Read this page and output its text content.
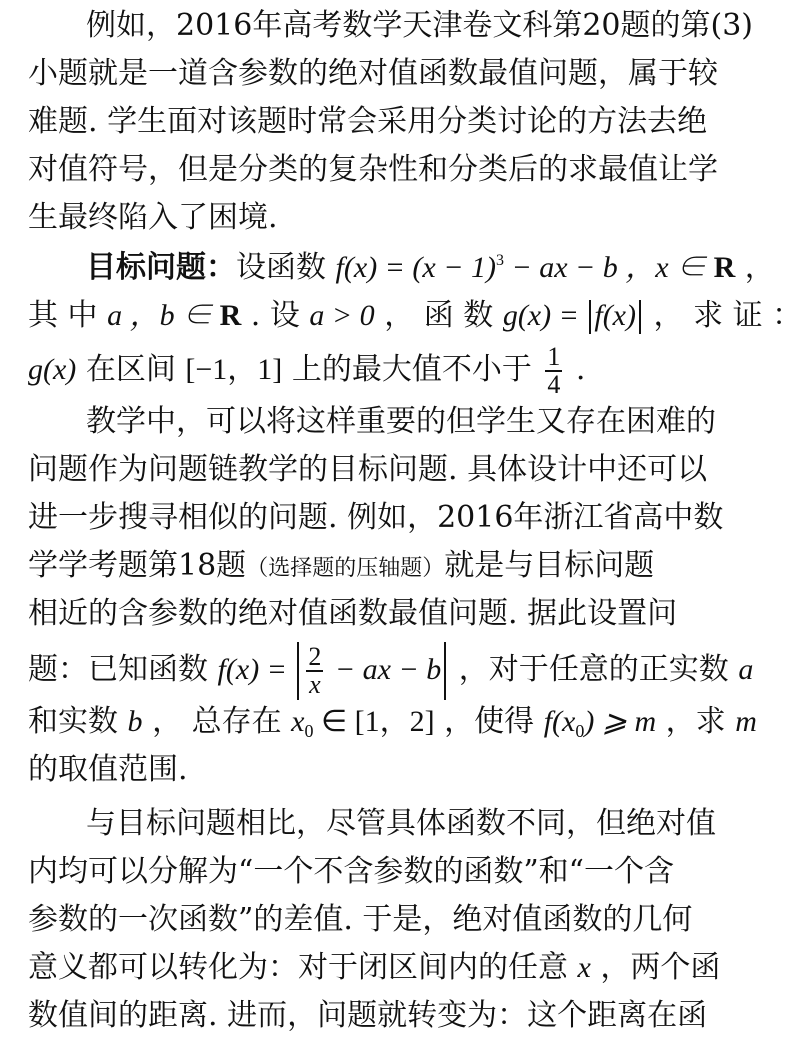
例如，2016年高考数学天津卷文科第20题的第(3)
小题就是一道含参数的绝对值函数最值问题，属于较
难题. 学生面对该题时常会采用分类讨论的方法去绝
对值符号，但是分类的复杂性和分类后的求最值让学
生最终陷入了困境.
目标问题：设函数 $f(x) = (x - 1)^3$ − ax − b ，x ∈ R ，
其 中 a ，b ∈ R . 设 a > 0 ， 函 数 g(x) = f(x) ， 求 证 ：
g(x) 在区间 [−1，1] 上的最大值不小于 $\frac{1}{4}$ .
教学中，可以将这样重要的但学生又存在困难的
问题作为问题链教学的目标问题. 具体设计中还可以
进一步搜寻相似的问题. 例如，2016年浙江省高中数
学学考题第18题（选择题的压轴题）就是与目标问题
相近的含参数的绝对值函数最值问题. 据此设置问
题：已知函数 $f(x) = \frac{2}{x}$ − ax − b ，对于任意的正实数 a
和实数 b ， 总存在 $x_0$ ∈ [1，2] ，使得 $f(x_0)$ ⩾ m ，求 m
的取值范围.
与目标问题相比，尽管具体函数不同，但绝对值
内均可以分解为“一个不含参数的函数”和“一个含
参数的一次函数”的差值. 于是，绝对值函数的几何
意义都可以转化为：对于闭区间内的任意 x ，两个函
数值间的距离. 进而，问题就转变为：这个距离在函
